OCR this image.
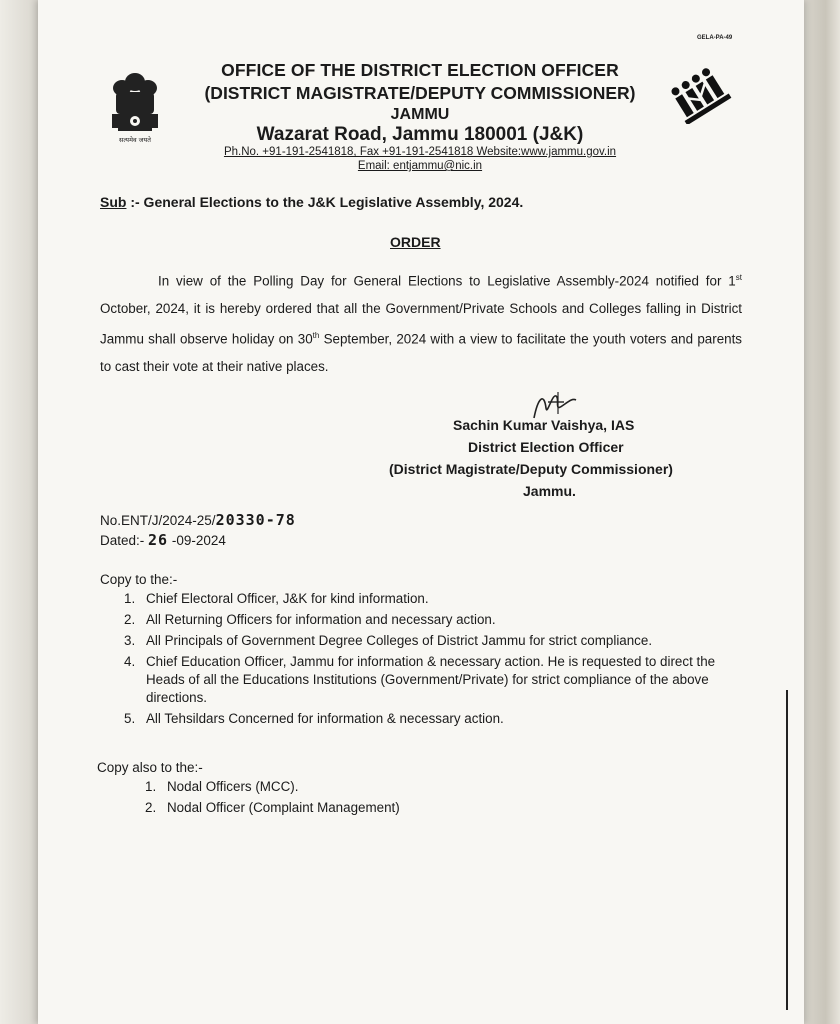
GELA-PA-49
सत्यमेव जयते
OFFICE OF THE DISTRICT ELECTION OFFICER
(DISTRICT MAGISTRATE/DEPUTY COMMISSIONER)
JAMMU
Wazarat Road, Jammu 180001 (J&K)
Ph.No. +91-191-2541818, Fax +91-191-2541818 Website:www.jammu.gov.in
Email: entjammu@nic.in
Sub :- General Elections to the J&K Legislative Assembly, 2024.
ORDER
In view of the Polling Day for General Elections to Legislative Assembly-2024 notified for 1st October, 2024, it is hereby ordered that all the Government/Private Schools and Colleges falling in District Jammu shall observe holiday on 30th September, 2024 with a view to facilitate the youth voters and parents to cast their vote at their native places.
Sachin Kumar Vaishya, IAS
District Election Officer
(District Magistrate/Deputy Commissioner)
Jammu.
No.ENT/J/2024-25/20330-78
Dated:- 26 -09-2024
Copy to the:-
1. Chief Electoral Officer, J&K for kind information.
2. All Returning Officers for information and necessary action.
3. All Principals of Government Degree Colleges of District Jammu for strict compliance.
4. Chief Education Officer, Jammu for information & necessary action. He is requested to direct the Heads of all the Educations Institutions (Government/Private) for strict compliance of the above directions.
5. All Tehsildars Concerned for information & necessary action.
Copy also to the:-
1. Nodal Officers (MCC).
2. Nodal Officer (Complaint Management)
